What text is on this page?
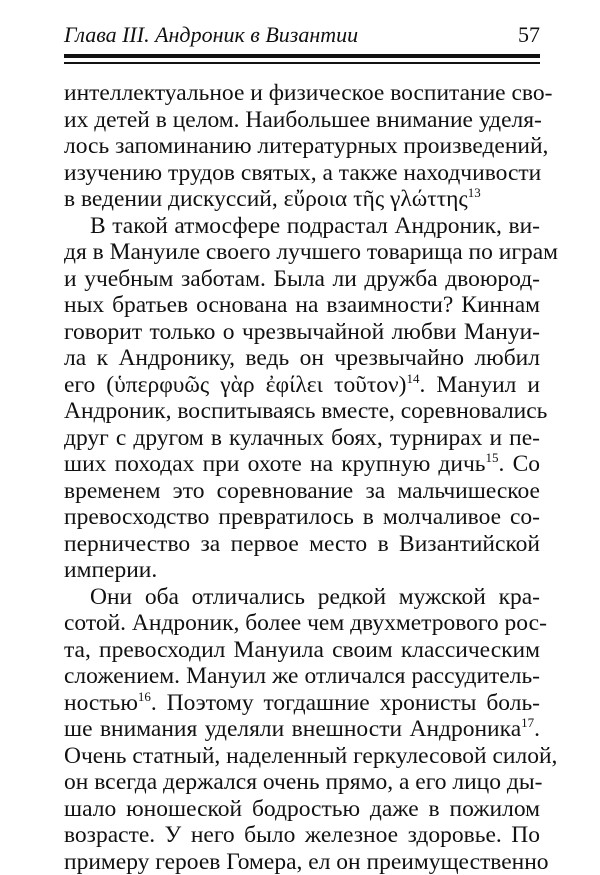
Глава III. Андроник в Византии	57
интеллектуальное и физическое воспитание сво-
их детей в целом. Наибольшее внимание уделя-
лось запоминанию литературных произведений,
изучению трудов святых, а также находчивости
в ведении дискуссий, εὔροια τῆς γλώττης$^{13}$
В такой атмосфере подрастал Андроник, ви-
дя в Мануиле своего лучшего товарища по играм
и учебным заботам. Была ли дружба двоюрод-
ных братьев основана на взаимности? Киннам
говорит только о чрезвычайной любви Мануи-
ла к Андронику, ведь он чрезвычайно любил
его (ὑπερφυῶς γὰρ ἐφίλει τοῦτον)$^{14}$. Мануил и
Андроник, воспитываясь вместе, соревновались
друг с другом в кулачных боях, турнирах и пе-
ших походах при охоте на крупную дичь$^{15}$. Со
временем это соревнование за мальчишеское
превосходство превратилось в молчаливое со-
перничество за первое место в Византийской
империи.
Они оба отличались редкой мужской кра-
сотой. Андроник, более чем двухметрового рос-
та, превосходил Мануила своим классическим
сложением. Мануил же отличался рассудитель-
ностью$^{16}$. Поэтому тогдашние хронисты боль-
ше внимания уделяли внешности Андроника$^{17}$.
Очень статный, наделенный геркулесовой силой,
он всегда держался очень прямо, а его лицо ды-
шало юношеской бодростью даже в пожилом
возрасте. У него было железное здоровье. По
примеру героев Гомера, ел он преимущественно
